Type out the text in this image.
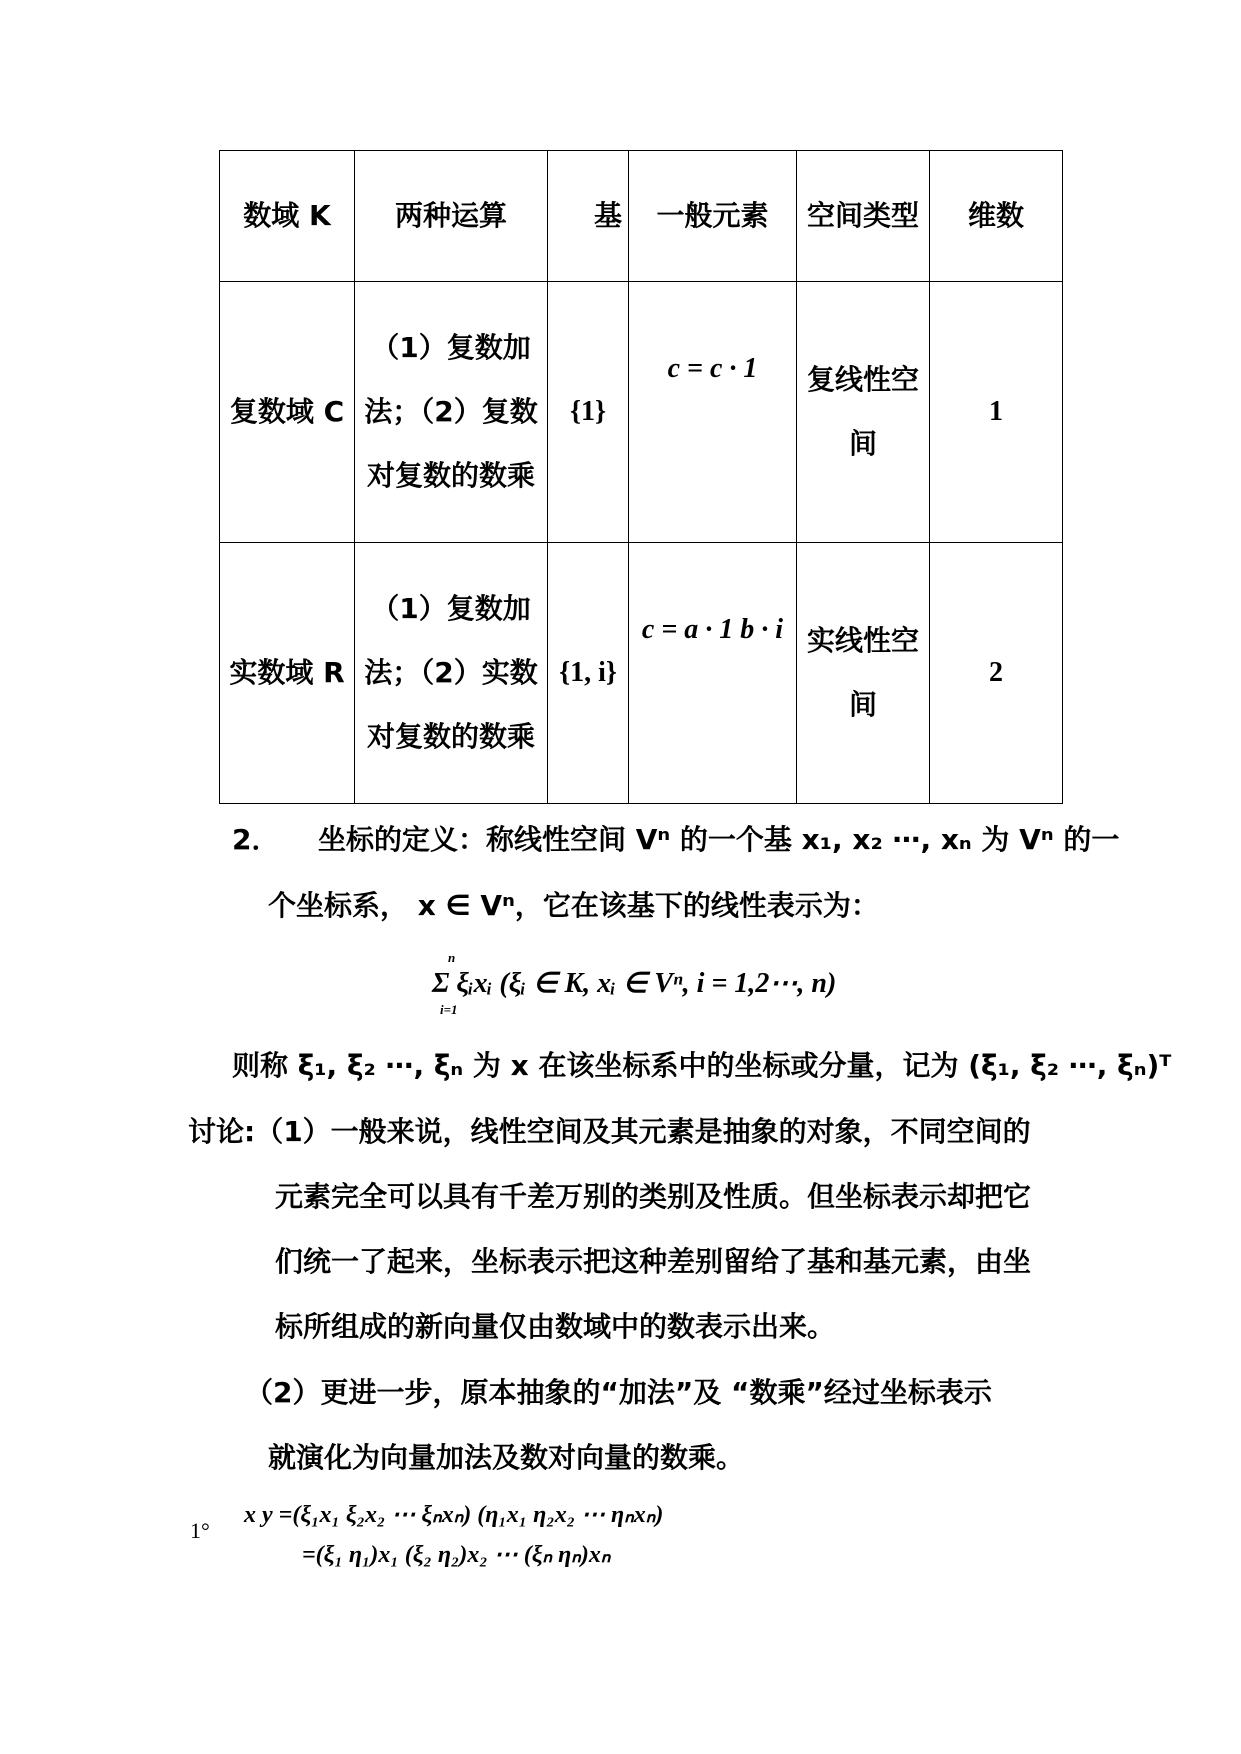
数域 K	两种运算	基	一般元素	空间类型	维数
复数域 C	（1）复数加法；（2）复数对复数的数乘	{1}	c = c · 1	复线性空间	1
实数域 R	（1）复数加法；（2）实数对复数的数乘	{1, i}	c = a · 1 b · i	实线性空间	2
2． 坐标的定义：称线性空间 Vⁿ 的一个基 x₁, x₂ ⋯, xₙ 为 Vⁿ 的一
个坐标系， x ∈ Vⁿ，它在该基下的线性表示为：
n
Σ ξᵢxᵢ (ξᵢ ∈ K, xᵢ ∈ Vⁿ, i = 1,2⋯, n)
i=1
则称 ξ₁, ξ₂ ⋯, ξₙ 为 x 在该坐标系中的坐标或分量，记为 (ξ₁, ξ₂ ⋯, ξₙ)ᵀ
讨论:（1）一般来说，线性空间及其元素是抽象的对象，不同空间的
元素完全可以具有千差万别的类别及性质。但坐标表示却把它
们统一了起来，坐标表示把这种差别留给了基和基元素，由坐
标所组成的新向量仅由数域中的数表示出来。
（2）更进一步，原本抽象的“加法”及 “数乘”经过坐标表示
就演化为向量加法及数对向量的数乘。
1°
x y =(ξ₁x₁ ξ₂x₂ ⋯ ξₙxₙ) (η₁x₁ η₂x₂ ⋯ ηₙxₙ)
=(ξ₁ η₁)x₁ (ξ₂ η₂)x₂ ⋯ (ξₙ ηₙ)xₙ
